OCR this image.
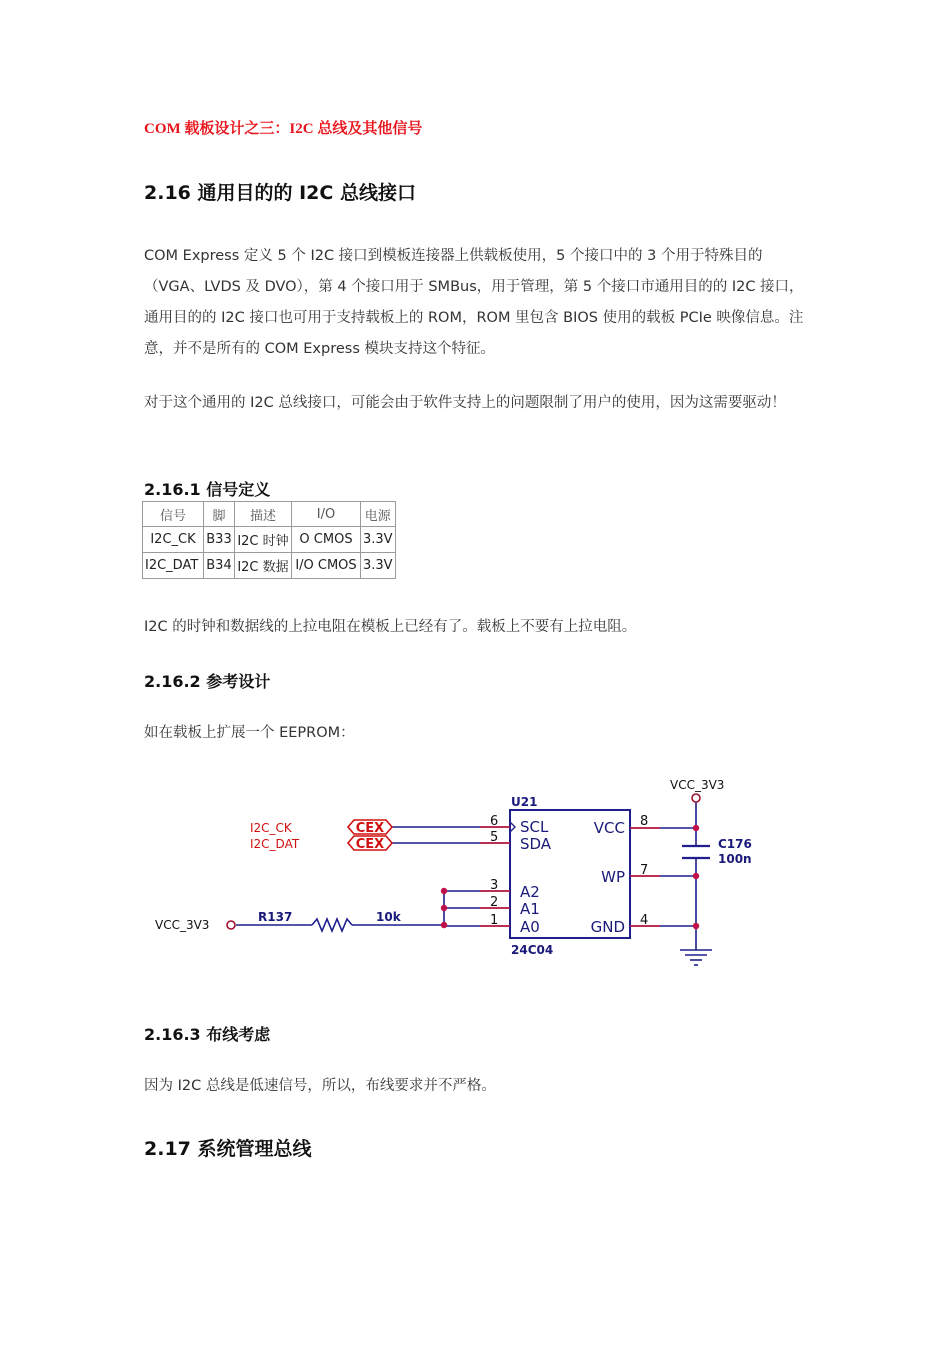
COM 载板设计之三：I2C 总线及其他信号
2.16 通用目的的 I2C 总线接口

COM Express 定义 5 个 I2C 接口到模板连接器上供载板使用，5 个接口中的 3 个用于特殊目的（VGA、LVDS 及 DVO），第 4 个接口用于 SMBus，用于管理，第 5 个接口市通用目的的 I2C 接口，通用目的的 I2C 接口也可用于支持载板上的 ROM，ROM 里包含 BIOS 使用的载板 PCIe 映像信息。注意，并不是所有的 COM Express 模块支持这个特征。

对于这个通用的 I2C 总线接口，可能会由于软件支持上的问题限制了用户的使用，因为这需要驱动！

2.16.1 信号定义
信号	脚	描述	I/O	电源
I2C_CK	B33	I2C 时钟	O CMOS	3.3V
I2C_DAT	B34	I2C 数据	I/O CMOS	3.3V

I2C 的时钟和数据线的上拉电阻在模板上已经有了。载板上不要有上拉电阻。

2.16.2 参考设计

如在载板上扩展一个 EEPROM：

CEX
CEX
I2C_CK
I2C_DAT
U21
24C04
SCL
SDA
A2
A1
A0
VCC
WP
GND
6
5
3
2
1
8
7
4
VCC_3V3
VCC_3V3
R137	10k
C176
100n
2.16.3 布线考虑

因为 I2C 总线是低速信号，所以，布线要求并不严格。

2.17 系统管理总线
